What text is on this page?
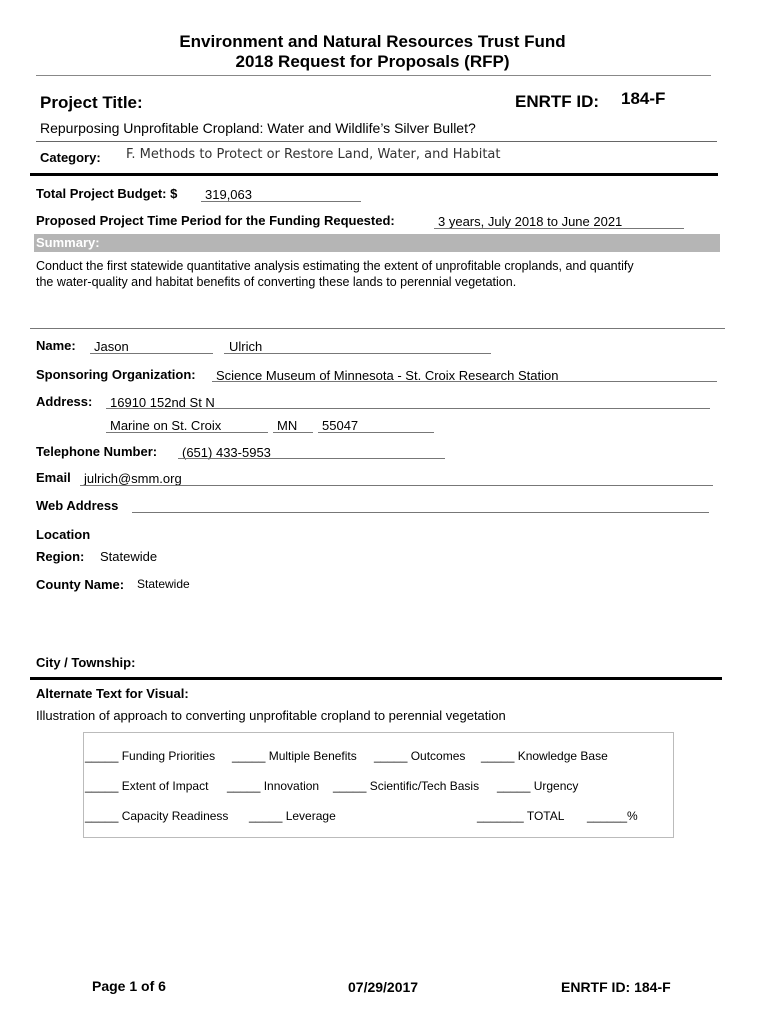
Environment and Natural Resources Trust Fund
2018 Request for Proposals (RFP)
Project Title:	ENRTF ID: 184-F
Repurposing Unprofitable Cropland: Water and Wildlife’s Silver Bullet?
Category: F. Methods to Protect or Restore Land, Water, and Habitat
Total Project Budget: $ 319,063
Proposed Project Time Period for the Funding Requested:	3 years, July 2018 to June 2021
Summary:
Conduct the first statewide quantitative analysis estimating the extent of unprofitable croplands, and quantify
the water-quality and habitat benefits of converting these lands to perennial vegetation.
Name: Jason	Ulrich
Sponsoring Organization: Science Museum of Minnesota - St. Croix Research Station
Address: 16910 152nd St N
Marine on St. Croix	MN 55047
Telephone Number: (651) 433-5953
Email julrich@smm.org
Web Address
Location
Region: Statewide
County Name: Statewide
City / Township:
Alternate Text for Visual:
Illustration of approach to converting unprofitable cropland to perennial vegetation
_____ Funding Priorities _____ Multiple Benefits _____ Outcomes _____ Knowledge Base
_____ Extent of Impact _____ Innovation _____ Scientific/Tech Basis _____ Urgency
_____ Capacity Readiness _____ Leverage	_______ TOTAL ______%
Page 1 of 6	07/29/2017	ENRTF ID: 184-F
